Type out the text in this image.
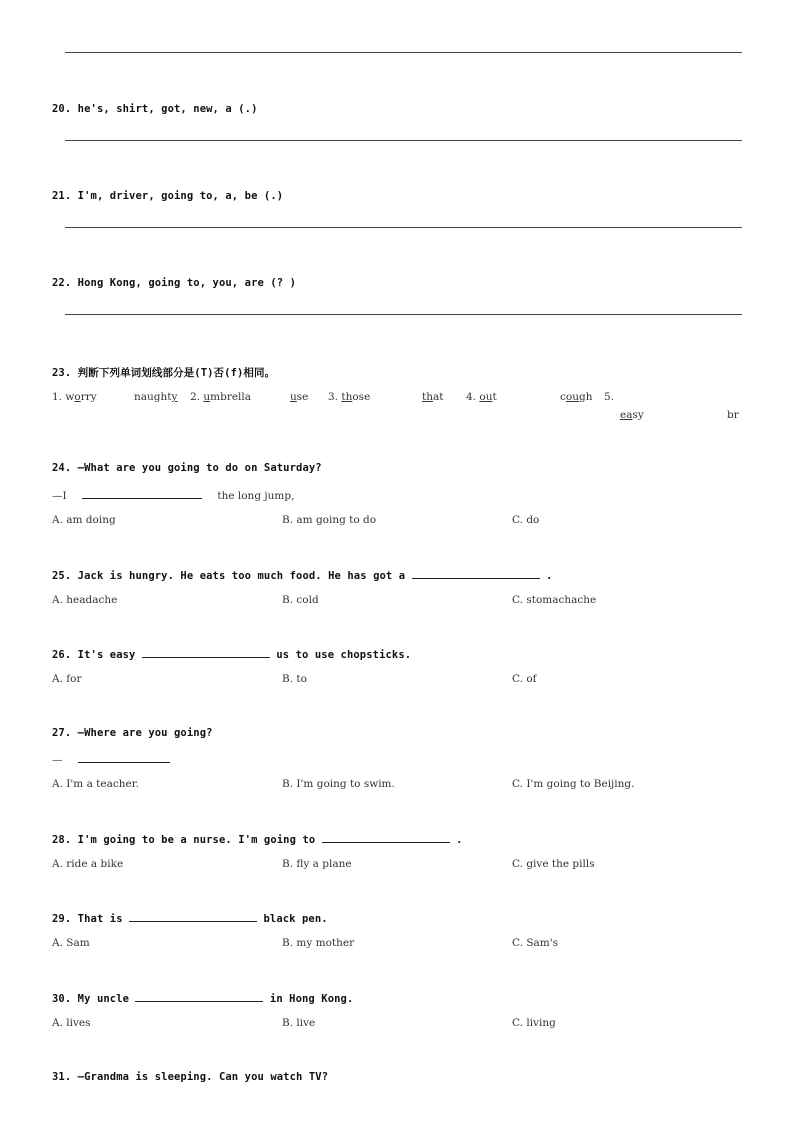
20. he's, shirt, got, new, a (.)
21. I'm, driver, going to, a, be (.)
22. Hong Kong, going to, you, are (? )
23. 判断下列单词划线部分是(T)否(f)相同。
1. worry	naughty 2. umbrella	use 3. those	that 4. out	cough 5.
easy	br
24. —What are you going to do on Saturday?
—I	the long jump,
A. am doing	B. am going to do	C. do
25. Jack is hungry. He eats too much food. He has got a	.
A. headache	B. cold	C. stomachache
26. It's easy	us to use chopsticks.
A. for	B. to	C. of
27. —Where are you going?
—
A. I'm a teacher.	B. I'm going to swim.	C. I'm going to Beijing.
28. I'm going to be a nurse. I'm going to	.
A. ride a bike	B. fly a plane	C. give the pills
29. That is	black pen.
A. Sam	B. my mother	C. Sam's
30. My uncle	in Hong Kong.
A. lives	B. live	C. living
31. —Grandma is sleeping. Can you watch TV?
